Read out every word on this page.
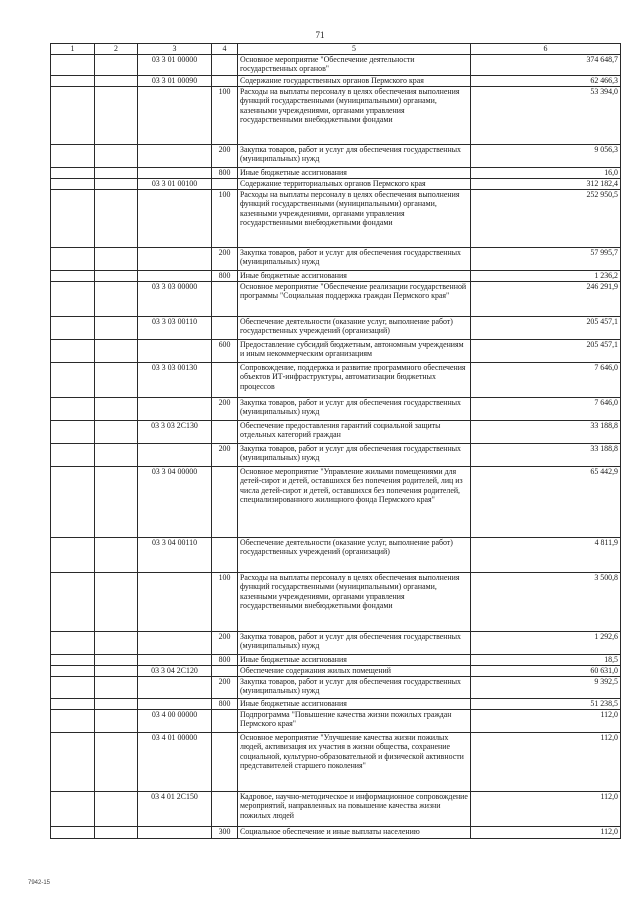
71
1	2	3	4	5	6
		03 3 01 00000		Основное мероприятие "Обеспечение деятельности государственных органов"	374 648,7
		03 3 01 00090		Содержание государственных органов Пермского края	62 466,3
			100	Расходы на выплаты персоналу в целях обеспечения выполнения функций государственными (муниципальными) органами, казенными учреждениями, органами управления государственными внебюджетными фондами	53 394,0
			200	Закупка товаров, работ и услуг для обеспечения государственных (муниципальных) нужд	9 056,3
			800	Иные бюджетные ассигнования	16,0
		03 3 01 00100		Содержание территориальных органов Пермского края	312 182,4
			100	Расходы на выплаты персоналу в целях обеспечения выполнения функций государственными (муниципальными) органами, казенными учреждениями, органами управления государственными внебюджетными фондами	252 950,5
			200	Закупка товаров, работ и услуг для обеспечения государственных (муниципальных) нужд	57 995,7
			800	Иные бюджетные ассигнования	1 236,2
		03 3 03 00000		Основное мероприятие "Обеспечение реализации государственной программы "Социальная поддержка граждан Пермского края"	246 291,9
		03 3 03 00110		Обеспечение деятельности (оказание услуг, выполнение работ) государственных учреждений (организаций)	205 457,1
			600	Предоставление субсидий бюджетным, автономным учреждениям и иным некоммерческим организациям	205 457,1
		03 3 03 00130		Сопровождение, поддержка и развитие программного обеспечения объектов ИТ-инфраструктуры, автоматизации бюджетных процессов	7 646,0
			200	Закупка товаров, работ и услуг для обеспечения государственных (муниципальных) нужд	7 646,0
		03 3 03 2С130		Обеспечение предоставления гарантий социальной защиты отдельных категорий граждан	33 188,8
			200	Закупка товаров, работ и услуг для обеспечения государственных (муниципальных) нужд	33 188,8
		03 3 04 00000		Основное мероприятие "Управление жилыми помещениями для детей-сирот и детей, оставшихся без попечения родителей, лиц из числа детей-сирот и детей, оставшихся без попечения родителей, специализированного жилищного фонда Пермского края"	65 442,9
		03 3 04 00110		Обеспечение деятельности (оказание услуг, выполнение работ) государственных учреждений (организаций)	4 811,9
			100	Расходы на выплаты персоналу в целях обеспечения выполнения функций государственными (муниципальными) органами, казенными учреждениями, органами управления государственными внебюджетными фондами	3 500,8
			200	Закупка товаров, работ и услуг для обеспечения государственных (муниципальных) нужд	1 292,6
			800	Иные бюджетные ассигнования	18,5
		03 3 04 2С120		Обеспечение содержания жилых помещений	60 631,0
			200	Закупка товаров, работ и услуг для обеспечения государственных (муниципальных) нужд	9 392,5
			800	Иные бюджетные ассигнования	51 238,5
		03 4 00 00000		Подпрограмма "Повышение качества жизни пожилых граждан Пермского края"	112,0
		03 4 01 00000		Основное мероприятие "Улучшение качества жизни пожилых людей, активизация их участия в жизни общества, сохранение социальной, культурно-образовательной и физической активности представителей старшего поколения"	112,0
		03 4 01 2С150		Кадровое, научно-методическое и информационное сопровождение мероприятий, направленных на повышение качества жизни пожилых людей	112,0
			300	Социальное обеспечение и иные выплаты населению	112,0
7942-15
